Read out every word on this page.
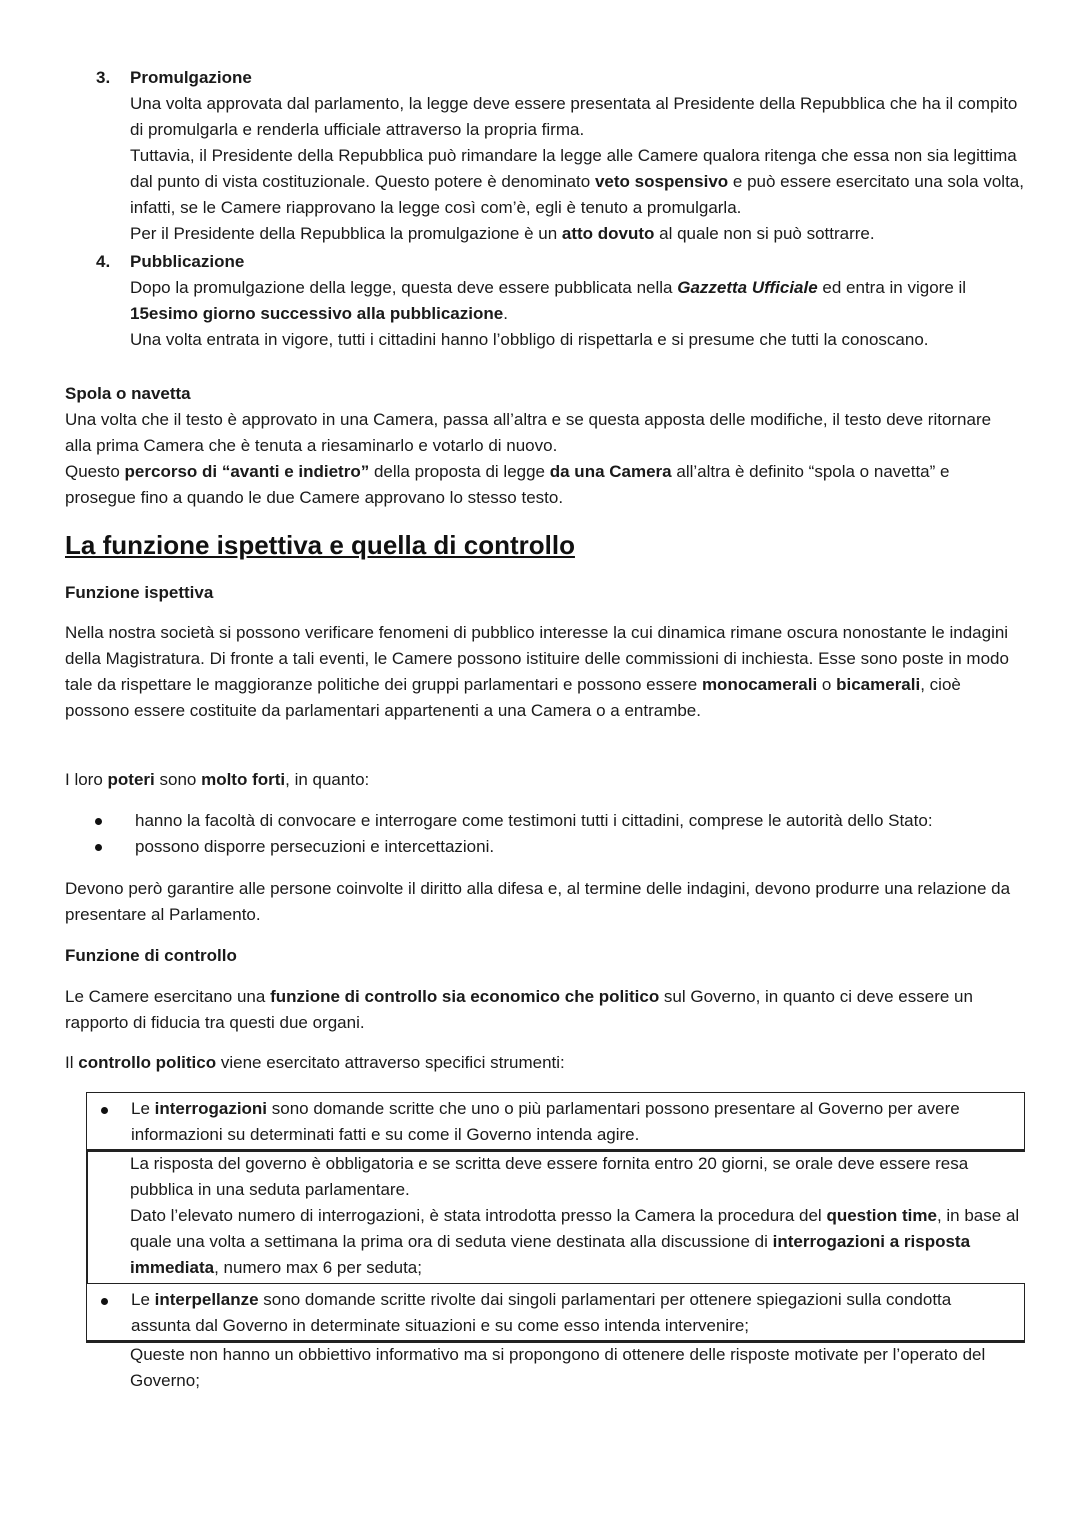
3. Promulgazione

Una volta approvata dal parlamento, la legge deve essere presentata al Presidente della Repubblica che ha il compito di promulgarla e renderla ufficiale attraverso la propria firma.

Tuttavia, il Presidente della Repubblica può rimandare la legge alle Camere qualora ritenga che essa non sia legittima dal punto di vista costituzionale. Questo potere è denominato veto sospensivo e può essere esercitato una sola volta, infatti, se le Camere riapprovano la legge così com’è, egli è tenuto a promulgarla.

Per il Presidente della Repubblica la promulgazione è un atto dovuto al quale non si può sottrarre.

4. Pubblicazione

Dopo la promulgazione della legge, questa deve essere pubblicata nella Gazzetta Ufficiale ed entra in vigore il 15esimo giorno successivo alla pubblicazione.

Una volta entrata in vigore, tutti i cittadini hanno l’obbligo di rispettarla e si presume che tutti la conoscano.

Spola o navetta

Una volta che il testo è approvato in una Camera, passa all’altra e se questa apposta delle modifiche, il testo deve ritornare alla prima Camera che è tenuta a riesaminarlo e votarlo di nuovo.

Questo percorso di “avanti e indietro” della proposta di legge da una Camera all’altra è definito “spola o navetta” e prosegue fino a quando le due Camere approvano lo stesso testo.

La funzione ispettiva e quella di controllo

Funzione ispettiva

Nella nostra società si possono verificare fenomeni di pubblico interesse la cui dinamica rimane oscura nonostante le indagini della Magistratura. Di fronte a tali eventi, le Camere possono istituire delle commissioni di inchiesta. Esse sono poste in modo tale da rispettare le maggioranze politiche dei gruppi parlamentari e possono essere monocamerali o bicamerali, cioè possono essere costituite da parlamentari appartenenti a una Camera o a entrambe.

I loro poteri sono molto forti, in quanto:

hanno la facoltà di convocare e interrogare come testimoni tutti i cittadini, comprese le autorità dello Stato:
possono disporre persecuzioni e intercettazioni.

Devono però garantire alle persone coinvolte il diritto alla difesa e, al termine delle indagini, devono produrre una relazione da presentare al Parlamento.

Funzione di controllo

Le Camere esercitano una funzione di controllo sia economico che politico sul Governo, in quanto ci deve essere un rapporto di fiducia tra questi due organi.

Il controllo politico viene esercitato attraverso specifici strumenti:

Le interrogazioni sono domande scritte che uno o più parlamentari possono presentare al Governo per avere informazioni su determinati fatti e su come il Governo intenda agire.

La risposta del governo è obbligatoria e se scritta deve essere fornita entro 20 giorni, se orale deve essere resa pubblica in una seduta parlamentare.

Dato l’elevato numero di interrogazioni, è stata introdotta presso la Camera la procedura del question time, in base al quale una volta a settimana la prima ora di seduta viene destinata alla discussione di interrogazioni a risposta immediata, numero max 6 per seduta;

Le interpellanze sono domande scritte rivolte dai singoli parlamentari per ottenere spiegazioni sulla condotta assunta dal Governo in determinate situazioni e su come esso intenda intervenire;

Queste non hanno un obbiettivo informativo ma si propongono di ottenere delle risposte motivate per l’operato del Governo;
